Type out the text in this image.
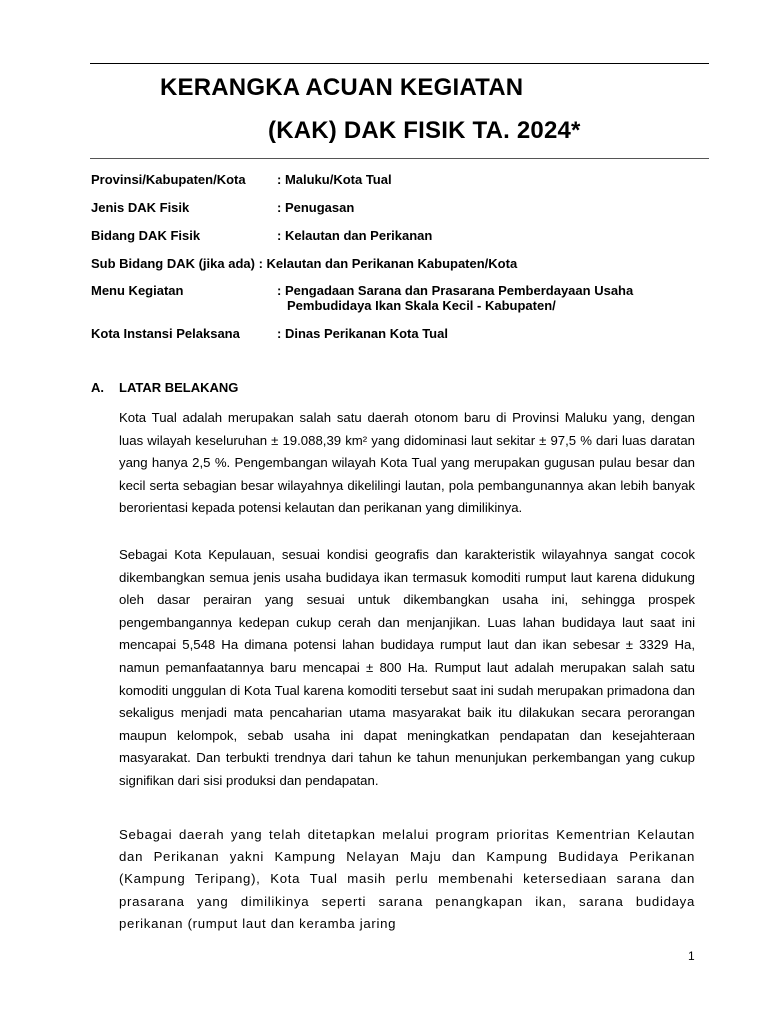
KERANGKA ACUAN KEGIATAN
(KAK) DAK FISIK TA. 2024*
Provinsi/Kabupaten/Kota : Maluku/Kota Tual
Jenis DAK Fisik	: Penugasan
Bidang DAK Fisik	: Kelautan dan Perikanan
Sub Bidang DAK (jika ada) : Kelautan dan Perikanan Kabupaten/Kota
Menu Kegiatan	: Pengadaan Sarana dan Prasarana Pemberdayaan Usaha
Pembudidaya Ikan Skala Kecil - Kabupaten/
Kota Instansi Pelaksana	: Dinas Perikanan Kota Tual
A. LATAR BELAKANG

Kota Tual adalah merupakan salah satu daerah otonom baru di Provinsi Maluku yang, dengan luas wilayah keseluruhan ± 19.088,39 km² yang didominasi laut sekitar ± 97,5 % dari luas daratan yang hanya 2,5 %. Pengembangan wilayah Kota Tual yang merupakan gugusan pulau besar dan kecil serta sebagian besar wilayahnya dikelilingi lautan, pola pembangunannya akan lebih banyak berorientasi kepada potensi kelautan dan perikanan yang dimilikinya.

Sebagai Kota Kepulauan, sesuai kondisi geografis dan karakteristik wilayahnya sangat cocok dikembangkan semua jenis usaha budidaya ikan termasuk komoditi rumput laut karena didukung oleh dasar perairan yang sesuai untuk dikembangkan usaha ini, sehingga prospek pengembangannya kedepan cukup cerah dan menjanjikan. Luas lahan budidaya laut saat ini mencapai 5,548 Ha dimana potensi lahan budidaya rumput laut dan ikan sebesar ± 3329 Ha, namun pemanfaatannya baru mencapai ± 800 Ha. Rumput laut adalah merupakan salah satu komoditi unggulan di Kota Tual karena komoditi tersebut saat ini sudah merupakan primadona dan sekaligus menjadi mata pencaharian utama masyarakat baik itu dilakukan secara perorangan maupun kelompok, sebab usaha ini dapat meningkatkan pendapatan dan kesejahteraan masyarakat. Dan terbukti trendnya dari tahun ke tahun menunjukan perkembangan yang cukup signifikan dari sisi produksi dan pendapatan.

Sebagai daerah yang telah ditetapkan melalui program prioritas Kementrian Kelautan dan Perikanan yakni Kampung Nelayan Maju dan Kampung Budidaya Perikanan (Kampung Teripang), Kota Tual masih perlu membenahi ketersediaan sarana dan prasarana yang dimilikinya seperti sarana penangkapan ikan, sarana budidaya perikanan (rumput laut dan keramba jaring

1
